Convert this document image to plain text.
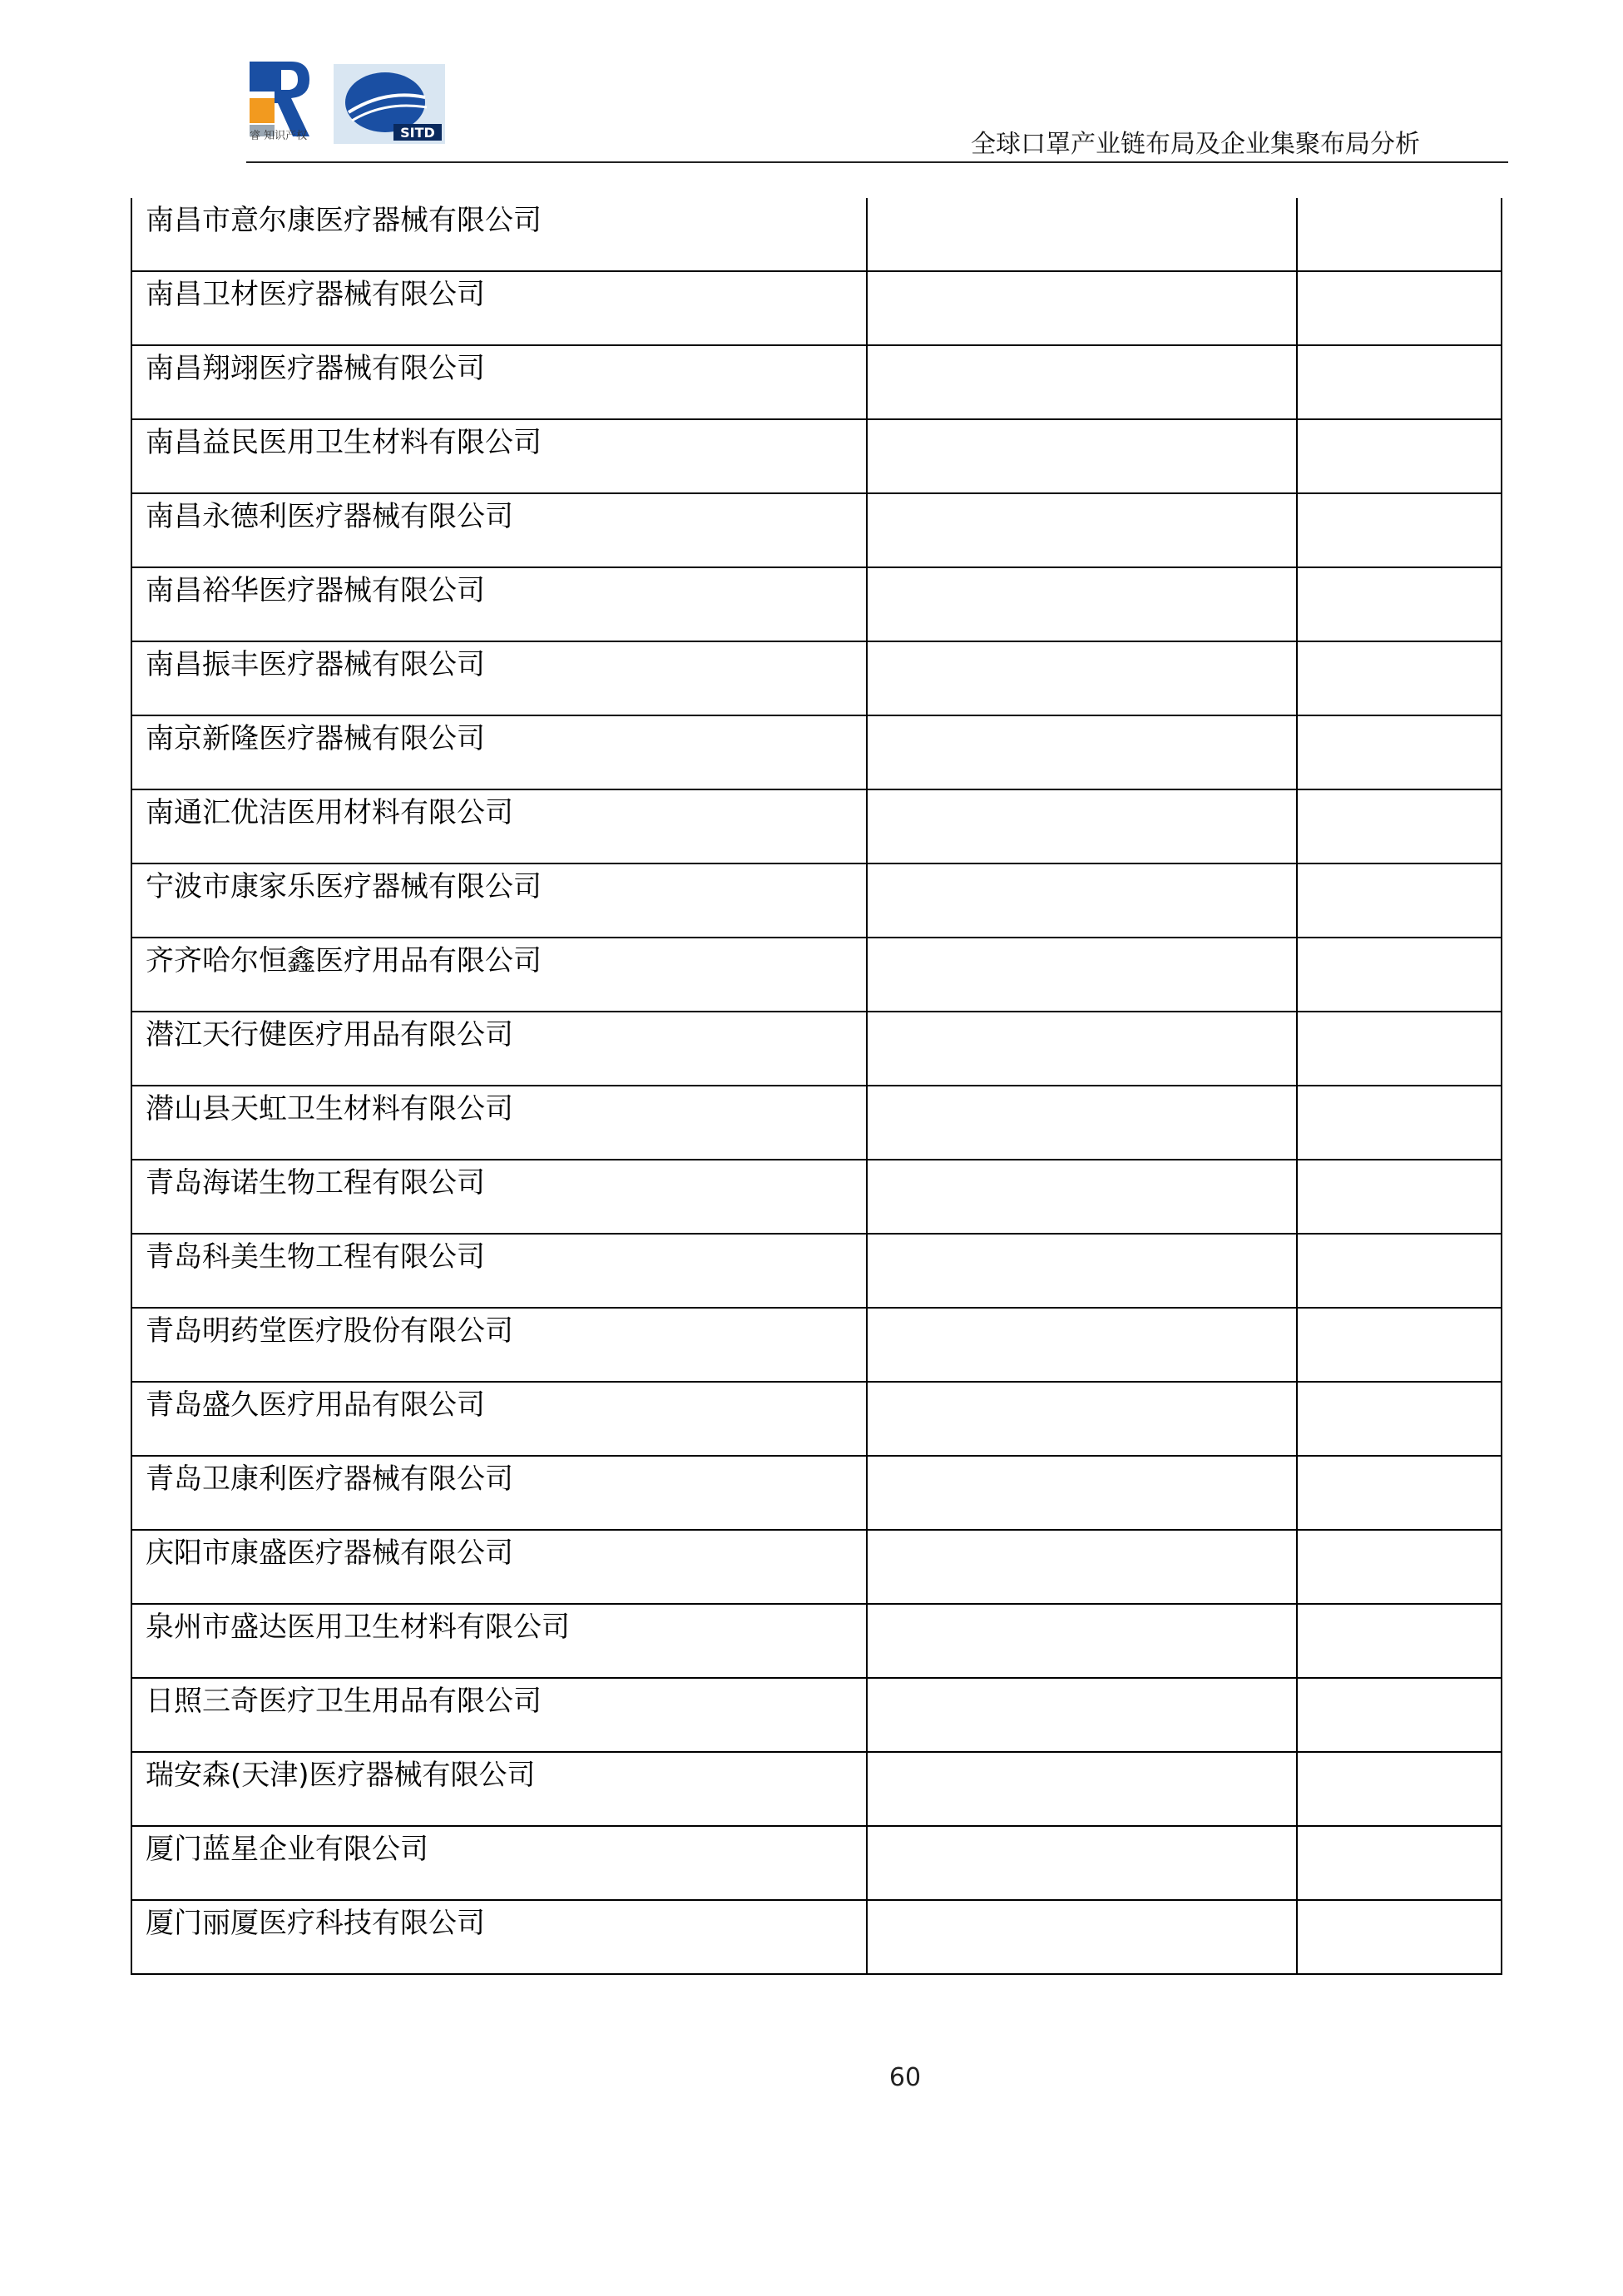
睿 知识产权	SITD	全球口罩产业链布局及企业集聚布局分析
南昌市意尔康医疗器械有限公司		
南昌卫材医疗器械有限公司		
南昌翔翊医疗器械有限公司		
南昌益民医用卫生材料有限公司		
南昌永德利医疗器械有限公司		
南昌裕华医疗器械有限公司		
南昌振丰医疗器械有限公司		
南京新隆医疗器械有限公司		
南通汇优洁医用材料有限公司		
宁波市康家乐医疗器械有限公司		
齐齐哈尔恒鑫医疗用品有限公司		
潜江天行健医疗用品有限公司		
潜山县天虹卫生材料有限公司		
青岛海诺生物工程有限公司		
青岛科美生物工程有限公司		
青岛明药堂医疗股份有限公司		
青岛盛久医疗用品有限公司		
青岛卫康利医疗器械有限公司		
庆阳市康盛医疗器械有限公司		
泉州市盛达医用卫生材料有限公司		
日照三奇医疗卫生用品有限公司		
瑞安森(天津)医疗器械有限公司		
厦门蓝星企业有限公司		
厦门丽厦医疗科技有限公司		
60
